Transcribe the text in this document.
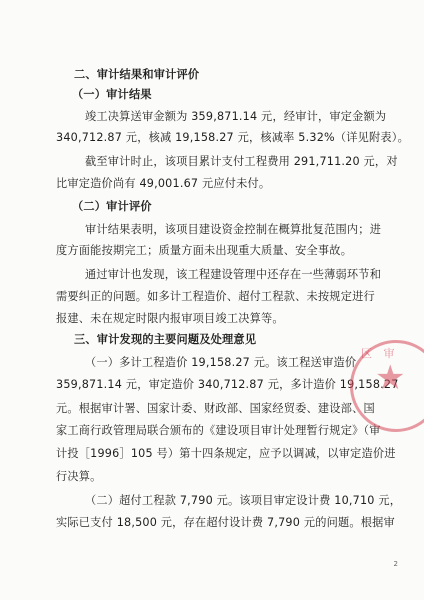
二、审计结果和审计评价
（一）审计结果
竣工决算送审金额为 359,871.14 元，经审计，审定金额为
340,712.87 元，核减 19,158.27 元，核减率 5.32%（详见附表）。
截至审计时止，该项目累计支付工程费用 291,711.20 元，对
比审定造价尚有 49,001.67 元应付未付。
（二）审计评价
审计结果表明，该项目建设资金控制在概算批复范围内；进
度方面能按期完工；质量方面未出现重大质量、安全事故。
通过审计也发现，该工程建设管理中还存在一些薄弱环节和
需要纠正的问题。如多计工程造价、超付工程款、未按规定进行
报建、未在规定时限内报审项目竣工决算等。
三、审计发现的主要问题及处理意见
（一）多计工程造价 19,158.27 元。该工程送审造价
359,871.14 元，审定造价 340,712.87 元，多计造价 19,158.27
元。根据审计署、国家计委、财政部、国家经贸委、建设部、国
家工商行政管理局联合颁布的《建设项目审计处理暂行规定》（审
计投［1996］105 号）第十四条规定，应予以调减，以审定造价进
行决算。
（二）超付工程款 7,790 元。该项目审定设计费 10,710 元，
实际已支付 18,500 元，存在超付设计费 7,790 元的问题。根据审
区 审
★
2
